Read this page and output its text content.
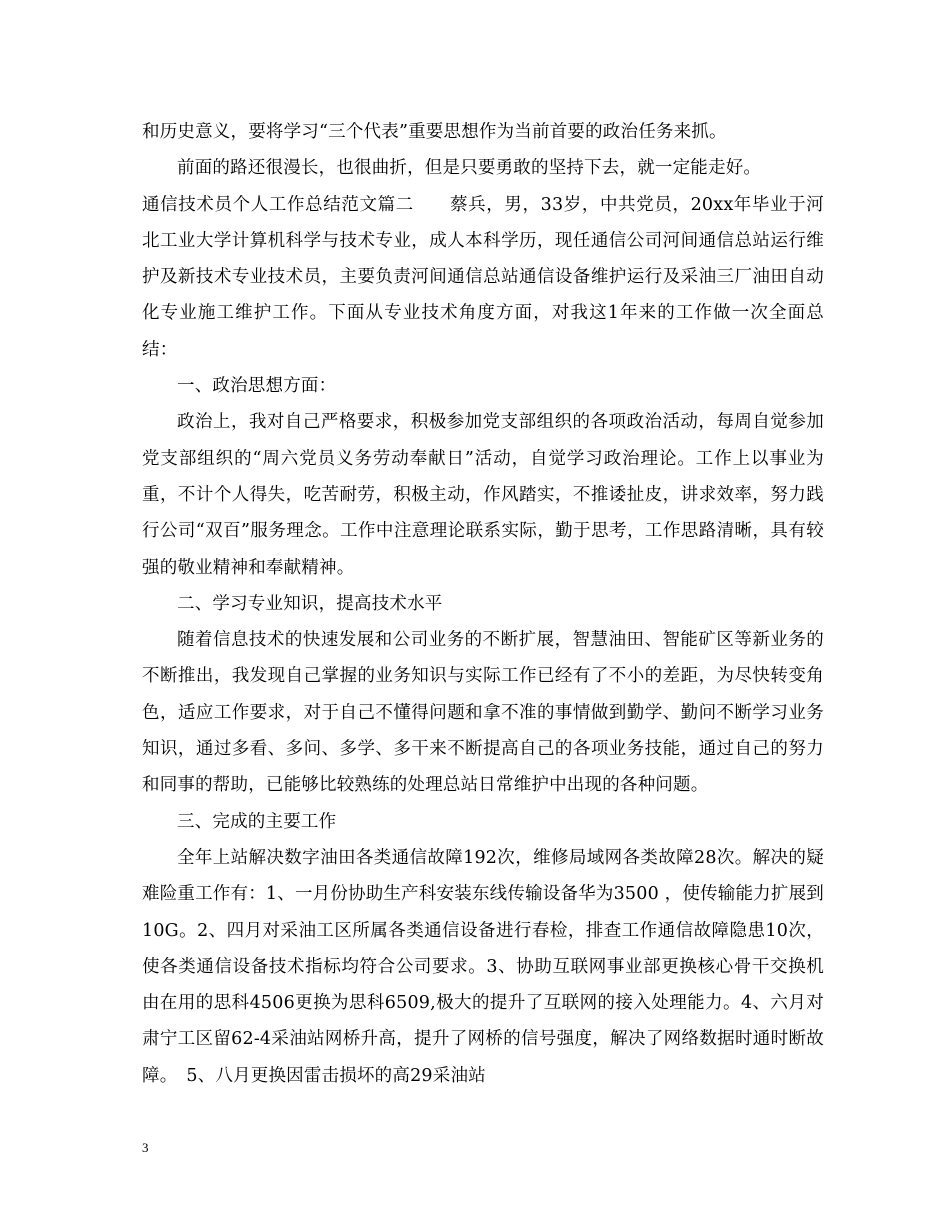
和历史意义，要将学习“三个代表”重要思想作为当前首要的政治任务来抓。

前面的路还很漫长，也很曲折，但是只要勇敢的坚持下去，就一定能走好。

通信技术员个人工作总结范文篇二　　蔡兵，男，33岁，中共党员，20xx年毕业于河北工业大学计算机科学与技术专业，成人本科学历，现任通信公司河间通信总站运行维护及新技术专业技术员，主要负责河间通信总站通信设备维护运行及采油三厂油田自动化专业施工维护工作。下面从专业技术角度方面，对我这1年来的工作做一次全面总结：

一、政治思想方面：

政治上，我对自己严格要求，积极参加党支部组织的各项政治活动，每周自觉参加党支部组织的“周六党员义务劳动奉献日”活动，自觉学习政治理论。工作上以事业为重，不计个人得失，吃苦耐劳，积极主动，作风踏实，不推诿扯皮，讲求效率，努力践行公司“双百”服务理念。工作中注意理论联系实际，勤于思考，工作思路清晰，具有较强的敬业精神和奉献精神。

二、学习专业知识，提高技术水平

随着信息技术的快速发展和公司业务的不断扩展，智慧油田、智能矿区等新业务的不断推出，我发现自己掌握的业务知识与实际工作已经有了不小的差距，为尽快转变角色，适应工作要求，对于自己不懂得问题和拿不准的事情做到勤学、勤问不断学习业务知识，通过多看、多问、多学、多干来不断提高自己的各项业务技能，通过自己的努力和同事的帮助，已能够比较熟练的处理总站日常维护中出现的各种问题。

三、完成的主要工作

全年上站解决数字油田各类通信故障192次，维修局域网各类故障28次。解决的疑难险重工作有：1、一月份协助生产科安装东线传输设备华为3500 ，使传输能力扩展到10G。2、四月对采油工区所属各类通信设备进行春检，排查工作通信故障隐患10次，使各类通信设备技术指标均符合公司要求。3、协助互联网事业部更换核心骨干交换机由在用的思科4506更换为思科6509,极大的提升了互联网的接入处理能力。4、六月对肃宁工区留62-4采油站网桥升高，提升了网桥的信号强度，解决了网络数据时通时断故障。　5、八月更换因雷击损坏的高29采油站

3
